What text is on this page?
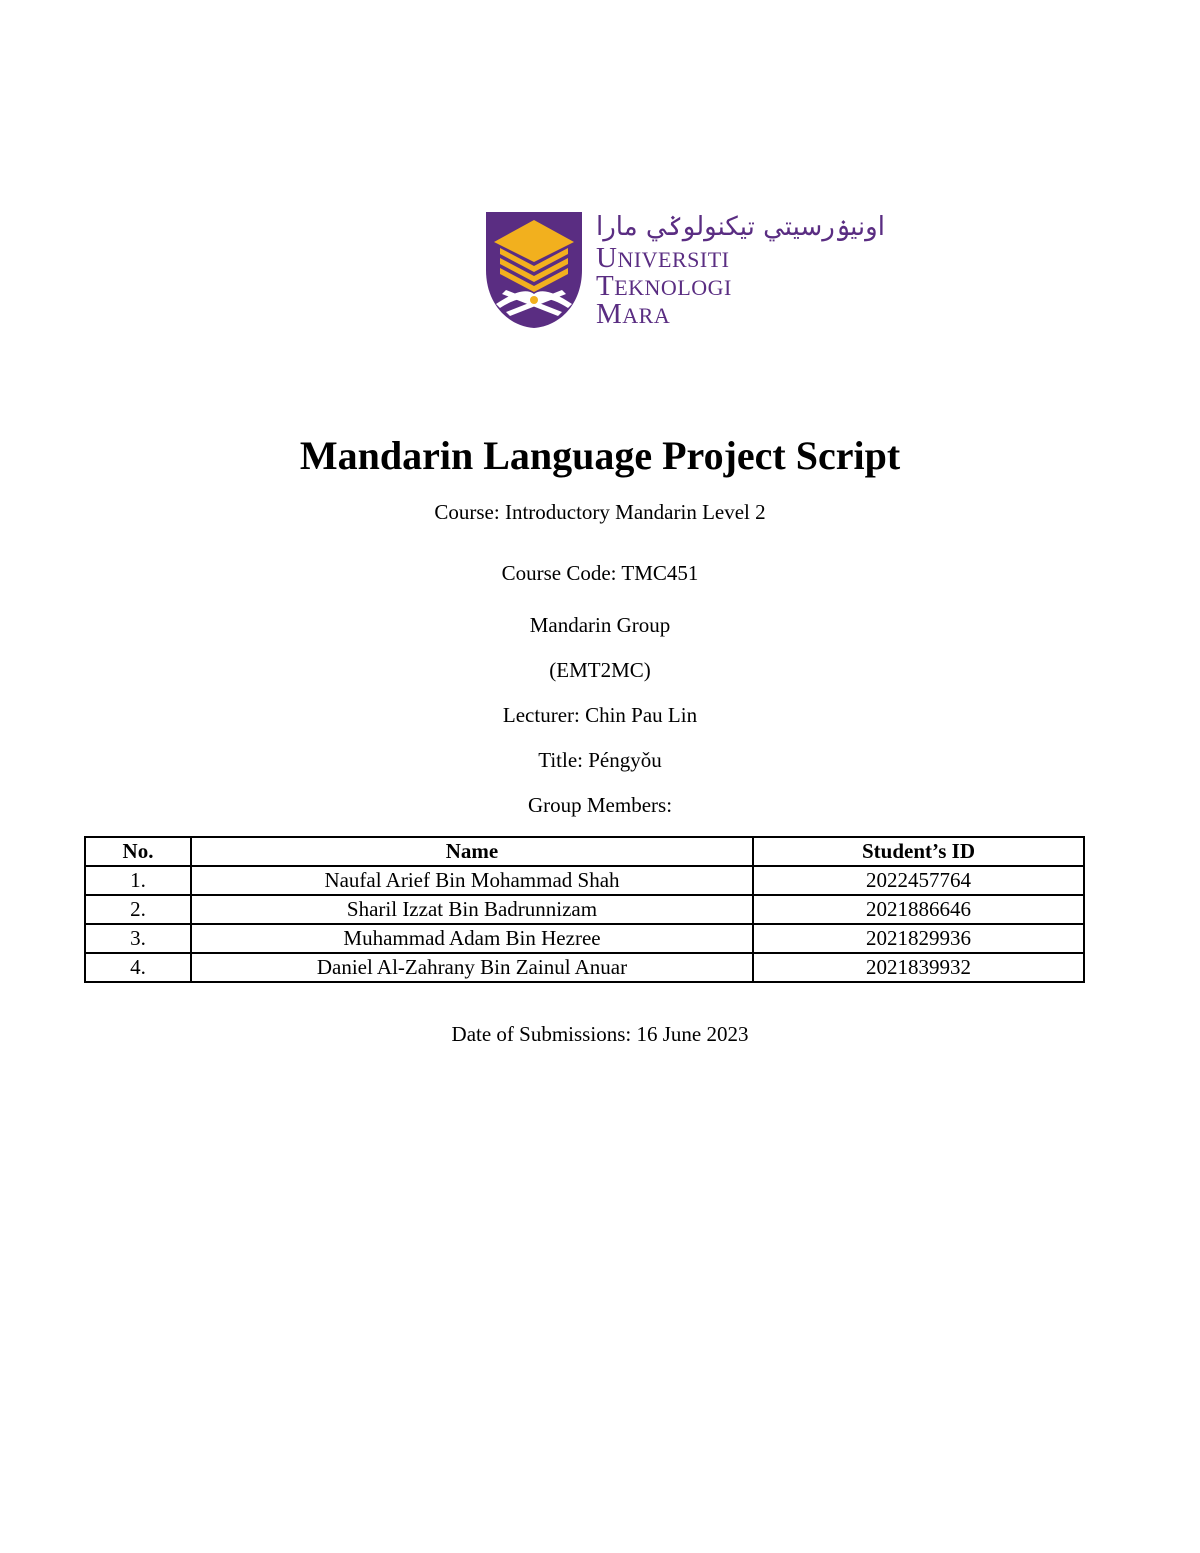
اونيۏرسيتي تيكنولوݢي مارا
UNIVERSITI
TEKNOLOGI
MARA
Mandarin Language Project Script
Course: Introductory Mandarin Level 2
Course Code: TMC451
Mandarin Group
(EMT2MC)
Lecturer: Chin Pau Lin
Title: Péngyǒu
Group Members:
No.	Name	Student’s ID
1.	Naufal Arief Bin Mohammad Shah	2022457764
2.	Sharil Izzat Bin Badrunnizam	2021886646
3.	Muhammad Adam Bin Hezree	2021829936
4.	Daniel Al-Zahrany Bin Zainul Anuar	2021839932
Date of Submissions: 16 June 2023
